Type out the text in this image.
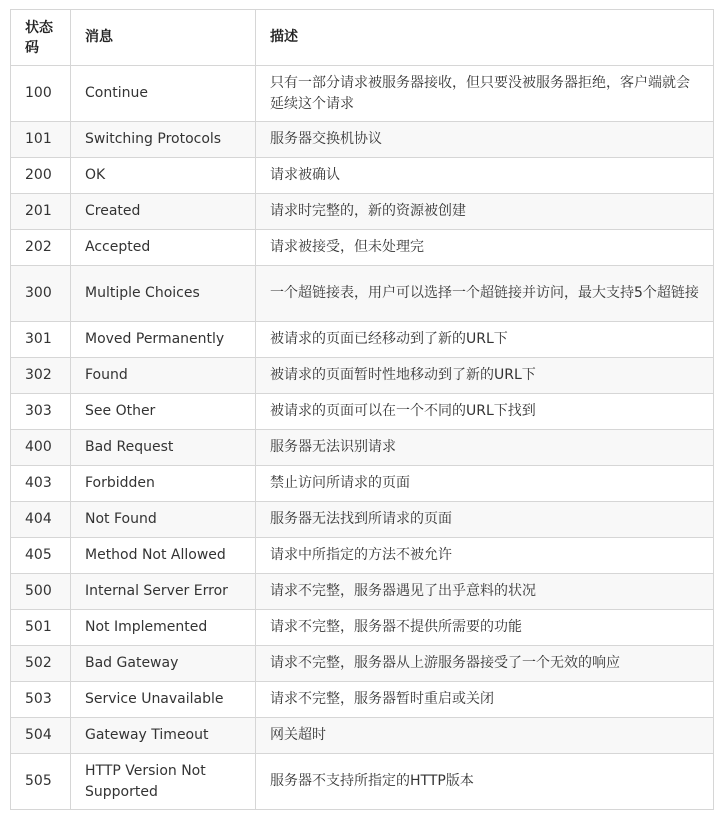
状态码	消息	描述
100	Continue	只有一部分请求被服务器接收，但只要没被服务器拒绝，客户端就会延续这个请求
101	Switching Protocols	服务器交换机协议
200	OK	请求被确认
201	Created	请求时完整的，新的资源被创建
202	Accepted	请求被接受，但未处理完
300	Multiple Choices	一个超链接表，用户可以选择一个超链接并访问，最大支持5个超链接
301	Moved Permanently	被请求的页面已经移动到了新的URL下
302	Found	被请求的页面暂时性地移动到了新的URL下
303	See Other	被请求的页面可以在一个不同的URL下找到
400	Bad Request	服务器无法识别请求
403	Forbidden	禁止访问所请求的页面
404	Not Found	服务器无法找到所请求的页面
405	Method Not Allowed	请求中所指定的方法不被允许
500	Internal Server Error	请求不完整，服务器遇见了出乎意料的状况
501	Not Implemented	请求不完整，服务器不提供所需要的功能
502	Bad Gateway	请求不完整，服务器从上游服务器接受了一个无效的响应
503	Service Unavailable	请求不完整，服务器暂时重启或关闭
504	Gateway Timeout	网关超时
505	HTTP Version Not Supported	服务器不支持所指定的HTTP版本
